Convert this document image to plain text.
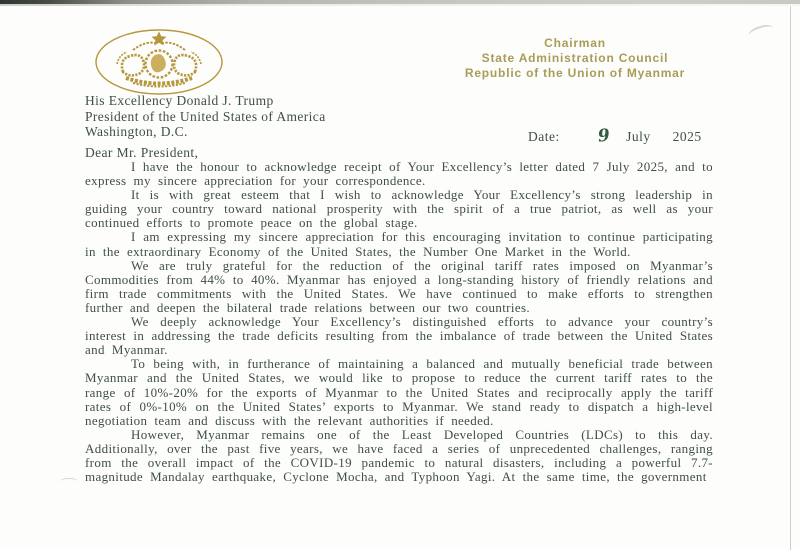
Chairman
State Administration Council
Republic of the Union of Myanmar
His Excellency Donald J. Trump
President of the United States of America
Washington, D.C.	Date: 9 July 2025
Dear Mr. President,

I have the honour to acknowledge receipt of Your Excellency’s letter dated 7 July 2025, and to express my sincere appreciation for your correspondence.

It is with great esteem that I wish to acknowledge Your Excellency’s strong leadership in guiding your country toward national prosperity with the spirit of a true patriot, as well as your continued efforts to promote peace on the global stage.

I am expressing my sincere appreciation for this encouraging invitation to continue participating in the extraordinary Economy of the United States, the Number One Market in the World.

We are truly grateful for the reduction of the original tariff rates imposed on Myanmar’s Commodities from 44% to 40%. Myanmar has enjoyed a long-standing history of friendly relations and firm trade commitments with the United States. We have continued to make efforts to strengthen further and deepen the bilateral trade relations between our two countries.

We deeply acknowledge Your Excellency’s distinguished efforts to advance your country’s interest in addressing the trade deficits resulting from the imbalance of trade between the United States and Myanmar.

To being with, in furtherance of maintaining a balanced and mutually beneficial trade between Myanmar and the United States, we would like to propose to reduce the current tariff rates to the range of 10%-20% for the exports of Myanmar to the United States and reciprocally apply the tariff rates of 0%-10% on the United States’ exports to Myanmar. We stand ready to dispatch a high-level negotiation team and discuss with the relevant authorities if needed.

However, Myanmar remains one of the Least Developed Countries (LDCs) to this day. Additionally, over the past five years, we have faced a series of unprecedented challenges, ranging from the overall impact of the COVID-19 pandemic to natural disasters, including a powerful 7.7-magnitude Mandalay earthquake, Cyclone Mocha, and Typhoon Yagi. At the same time, the government
